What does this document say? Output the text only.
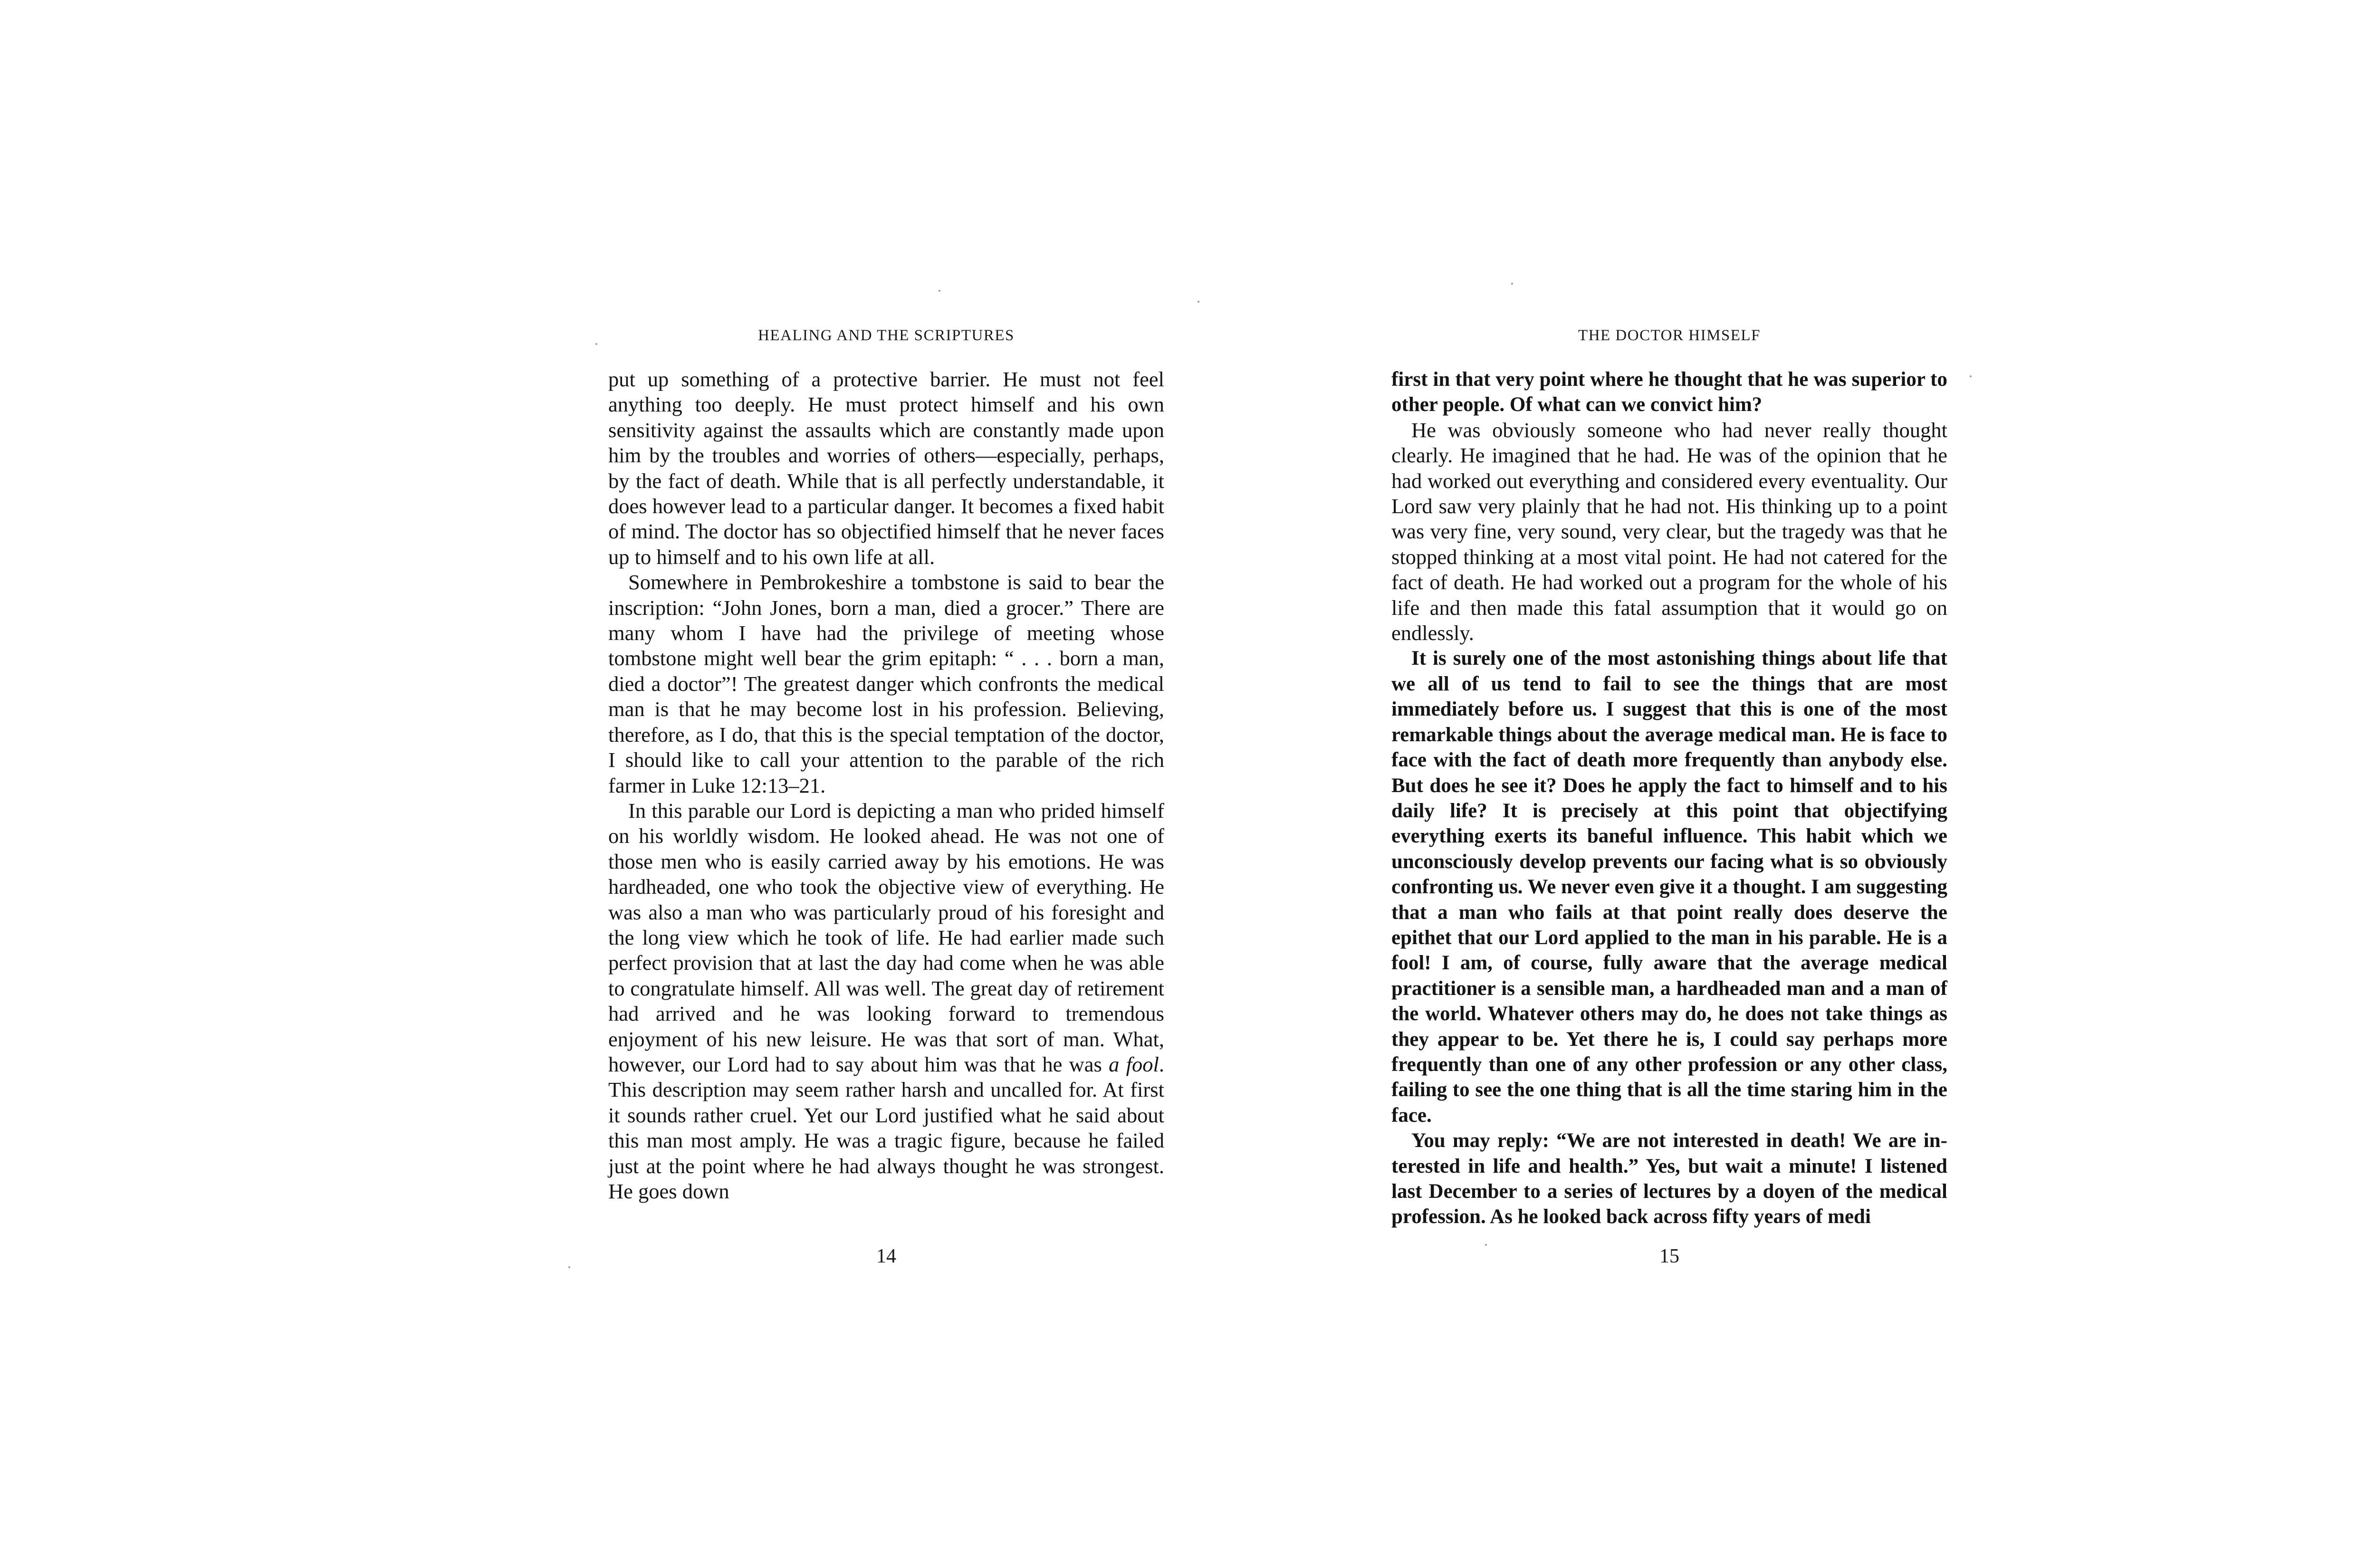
HEALING AND THE SCRIPTURES

put up something of a protective barrier. He must not feel anything too deeply. He must protect himself and his own sensitivity against the assaults which are constantly made upon him by the troubles and worries of others—especially, perhaps, by the fact of death. While that is all perfectly understandable, it does however lead to a particular danger. It becomes a fixed habit of mind. The doctor has so objectified himself that he never faces up to himself and to his own life at all.

Somewhere in Pembrokeshire a tombstone is said to bear the inscription: “John Jones, born a man, died a grocer.” There are many whom I have had the privilege of meeting whose tombstone might well bear the grim epitaph: “ . . . born a man, died a doctor”! The greatest danger which confronts the medical man is that he may become lost in his profession. Believing, therefore, as I do, that this is the special temptation of the doctor, I should like to call your attention to the parable of the rich farmer in Luke 12:13–21.

In this parable our Lord is depicting a man who prided himself on his worldly wisdom. He looked ahead. He was not one of those men who is easily carried away by his emotions. He was hardheaded, one who took the objective view of everything. He was also a man who was particularly proud of his foresight and the long view which he took of life. He had earlier made such perfect provision that at last the day had come when he was able to congratulate himself. All was well. The great day of retirement had arrived and he was looking forward to tremendous enjoyment of his new leisure. He was that sort of man. What, however, our Lord had to say about him was that he was a fool. This description may seem rather harsh and uncalled for. At first it sounds rather cruel. Yet our Lord justified what he said about this man most amply. He was a tragic figure, because he failed just at the point where he had always thought he was strongest. He goes down

14
THE DOCTOR HIMSELF

first in that very point where he thought that he was superior to other people. Of what can we convict him?

He was obviously someone who had never really thought clearly. He imagined that he had. He was of the opinion that he had worked out everything and considered every eventuality. Our Lord saw very plainly that he had not. His thinking up to a point was very fine, very sound, very clear, but the tragedy was that he stopped thinking at a most vital point. He had not catered for the fact of death. He had worked out a program for the whole of his life and then made this fatal assumption that it would go on endlessly.

It is surely one of the most astonishing things about life that we all of us tend to fail to see the things that are most immediately before us. I suggest that this is one of the most remarkable things about the average medical man. He is face to face with the fact of death more frequently than anybody else. But does he see it? Does he apply the fact to himself and to his daily life? It is precisely at this point that objectifying everything exerts its baneful influence. This habit which we unconsciously develop prevents our facing what is so obviously confronting us. We never even give it a thought. I am suggesting that a man who fails at that point really does deserve the epithet that our Lord applied to the man in his parable. He is a fool! I am, of course, fully aware that the average medical practitioner is a sensible man, a hardheaded man and a man of the world. Whatever others may do, he does not take things as they appear to be. Yet there he is, I could say perhaps more frequently than one of any other profession or any other class, failing to see the one thing that is all the time staring him in the face.

You may reply: “We are not interested in death! We are interested in life and health.” Yes, but wait a minute! I listened last December to a series of lectures by a doyen of the medical profession. As he looked back across fifty years of medi

15
